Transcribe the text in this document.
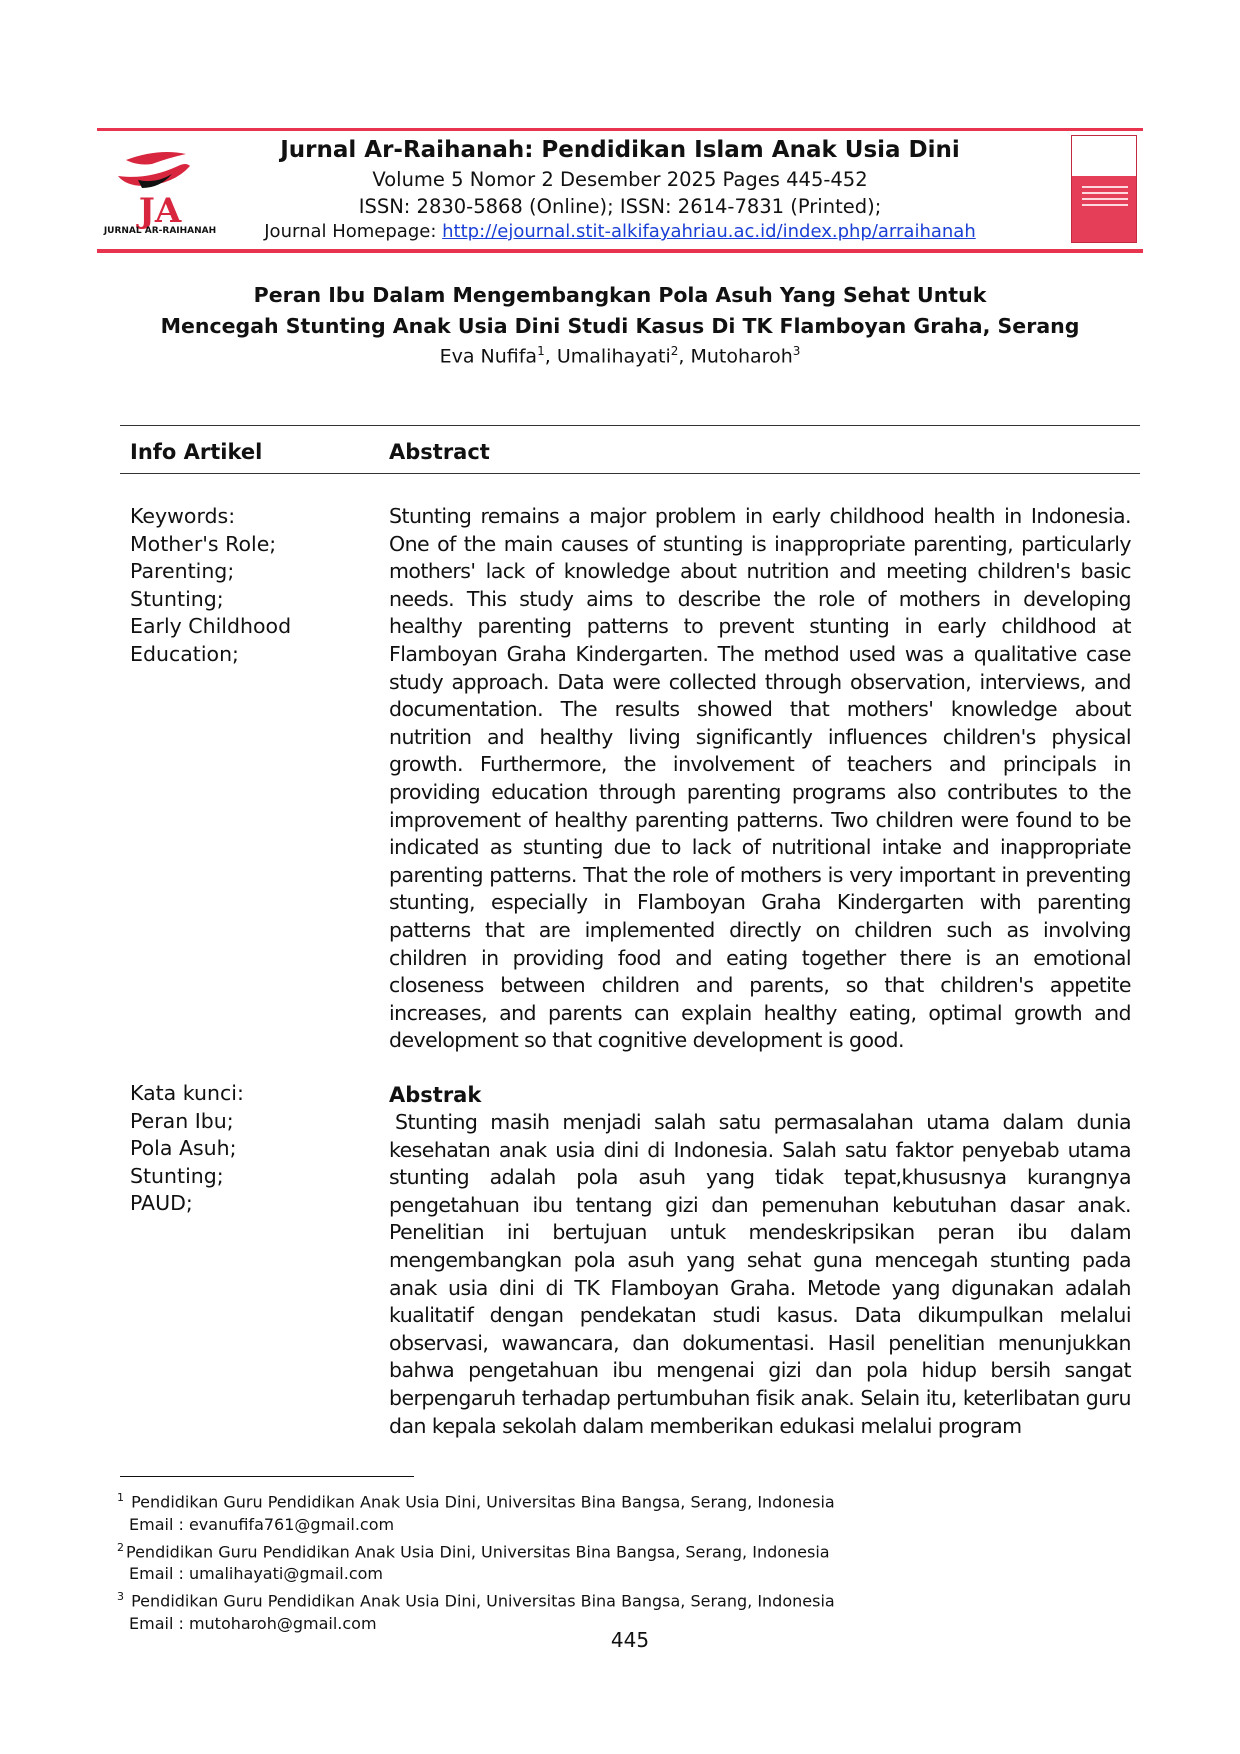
JA
JURNAL AR-RAIHANAH
Jurnal Ar-Raihanah: Pendidikan Islam Anak Usia Dini
Volume 5 Nomor 2 Desember 2025 Pages 445-452
ISSN: 2830-5868 (Online); ISSN: 2614-7831 (Printed);
Journal Homepage: http://ejournal.stit-alkifayahriau.ac.id/index.php/arraihanah
Peran Ibu Dalam Mengembangkan Pola Asuh Yang Sehat Untuk
Mencegah Stunting Anak Usia Dini Studi Kasus Di TK Flamboyan Graha, Serang
Eva Nufifa$^1$, Umalihayati$^2$, Mutoharoh$^3$
Info Artikel	Abstract
Keywords:
Mother's Role;
Parenting;
Stunting;
Early Childhood
Education;

Stunting remains a major problem in early childhood health in Indonesia. One of the main causes of stunting is inappropriate parenting, particularly mothers' lack of knowledge about nutrition and meeting children's basic needs. This study aims to describe the role of mothers in developing healthy parenting patterns to prevent stunting in early childhood at Flamboyan Graha Kindergarten. The method used was a qualitative case study approach. Data were collected through observation, interviews, and documentation. The results showed that mothers' knowledge about nutrition and healthy living significantly influences children's physical growth. Furthermore, the involvement of teachers and principals in providing education through parenting programs also contributes to the improvement of healthy parenting patterns. Two children were found to be indicated as stunting due to lack of nutritional intake and inappropriate parenting patterns. That the role of mothers is very important in preventing stunting, especially in Flamboyan Graha Kindergarten with parenting patterns that are implemented directly on children such as involving children in providing food and eating together there is an emotional closeness between children and parents, so that children's appetite increases, and parents can explain healthy eating, optimal growth and development so that cognitive development is good.

Kata kunci:
Peran Ibu;
Pola Asuh;
Stunting;
PAUD;
Abstrak

Stunting masih menjadi salah satu permasalahan utama dalam dunia kesehatan anak usia dini di Indonesia. Salah satu faktor penyebab utama stunting adalah pola asuh yang tidak tepat,khususnya kurangnya pengetahuan ibu tentang gizi dan pemenuhan kebutuhan dasar anak. Penelitian ini bertujuan untuk mendeskripsikan peran ibu dalam mengembangkan pola asuh yang sehat guna mencegah stunting pada anak usia dini di TK Flamboyan Graha. Metode yang digunakan adalah kualitatif dengan pendekatan studi kasus. Data dikumpulkan melalui observasi, wawancara, dan dokumentasi. Hasil penelitian menunjukkan bahwa pengetahuan ibu mengenai gizi dan pola hidup bersih sangat berpengaruh terhadap pertumbuhan fisik anak. Selain itu, keterlibatan guru dan kepala sekolah dalam memberikan edukasi melalui program

$^1$ Pendidikan Guru Pendidikan Anak Usia Dini, Universitas Bina Bangsa, Serang, Indonesia

Email : evanufifa761@gmail.com

$^2$ Pendidikan Guru Pendidikan Anak Usia Dini, Universitas Bina Bangsa, Serang, Indonesia

Email : umalihayati@gmail.com

$^3$ Pendidikan Guru Pendidikan Anak Usia Dini, Universitas Bina Bangsa, Serang, Indonesia

Email : mutoharoh@gmail.com

445
